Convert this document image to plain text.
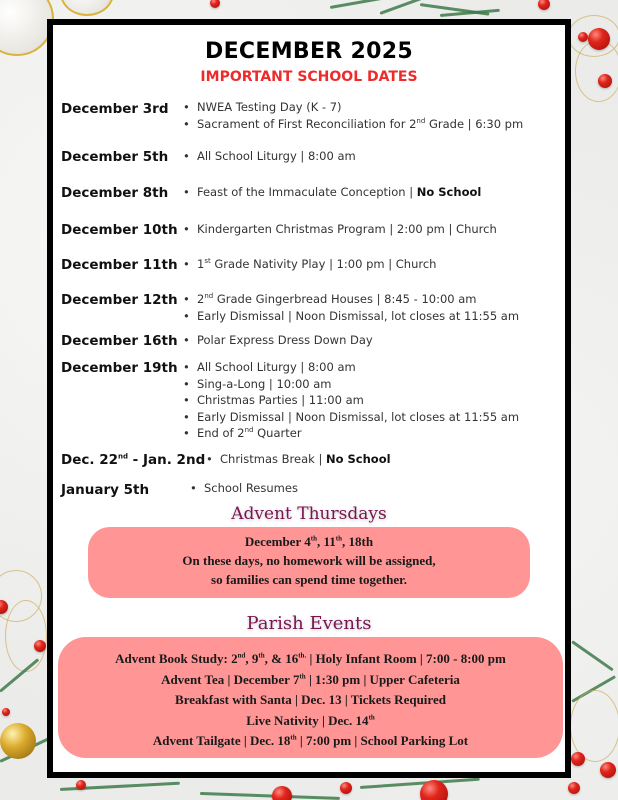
DECEMBER 2025
IMPORTANT SCHOOL DATES
December 3rd	• NWEA Testing Day (K - 7)
• Sacrament of First Reconciliation for 2nd Grade | 6:30 pm
December 5th	• All School Liturgy | 8:00 am
December 8th	• Feast of the Immaculate Conception | No School
December 10th	• Kindergarten Christmas Program | 2:00 pm | Church
December 11th	• 1st Grade Nativity Play | 1:00 pm | Church
December 12th	• 2nd Grade Gingerbread Houses | 8:45 - 10:00 am
• Early Dismissal | Noon Dismissal, lot closes at 11:55 am
December 16th	• Polar Express Dress Down Day
December 19th	• All School Liturgy | 8:00 am
• Sing-a-Long | 10:00 am
• Christmas Parties | 11:00 am
• Early Dismissal | Noon Dismissal, lot closes at 11:55 am
• End of 2nd Quarter
Dec. 22nd - Jan. 2nd	• Christmas Break | No School
January 5th	• School Resumes
Advent Thursdays
December 4th, 11th, 18th
On these days, no homework will be assigned,
so families can spend time together.
Parish Events
Advent Book Study: 2nd, 9th, & $16^{th.}$ | Holy Infant Room | 7:00 - 8:00 pm
Advent Tea | December 7th | 1:30 pm | Upper Cafeteria
Breakfast with Santa | Dec. 13 | Tickets Required
Live Nativity | Dec. 14th
Advent Tailgate | Dec. 18th | 7:00 pm | School Parking Lot
